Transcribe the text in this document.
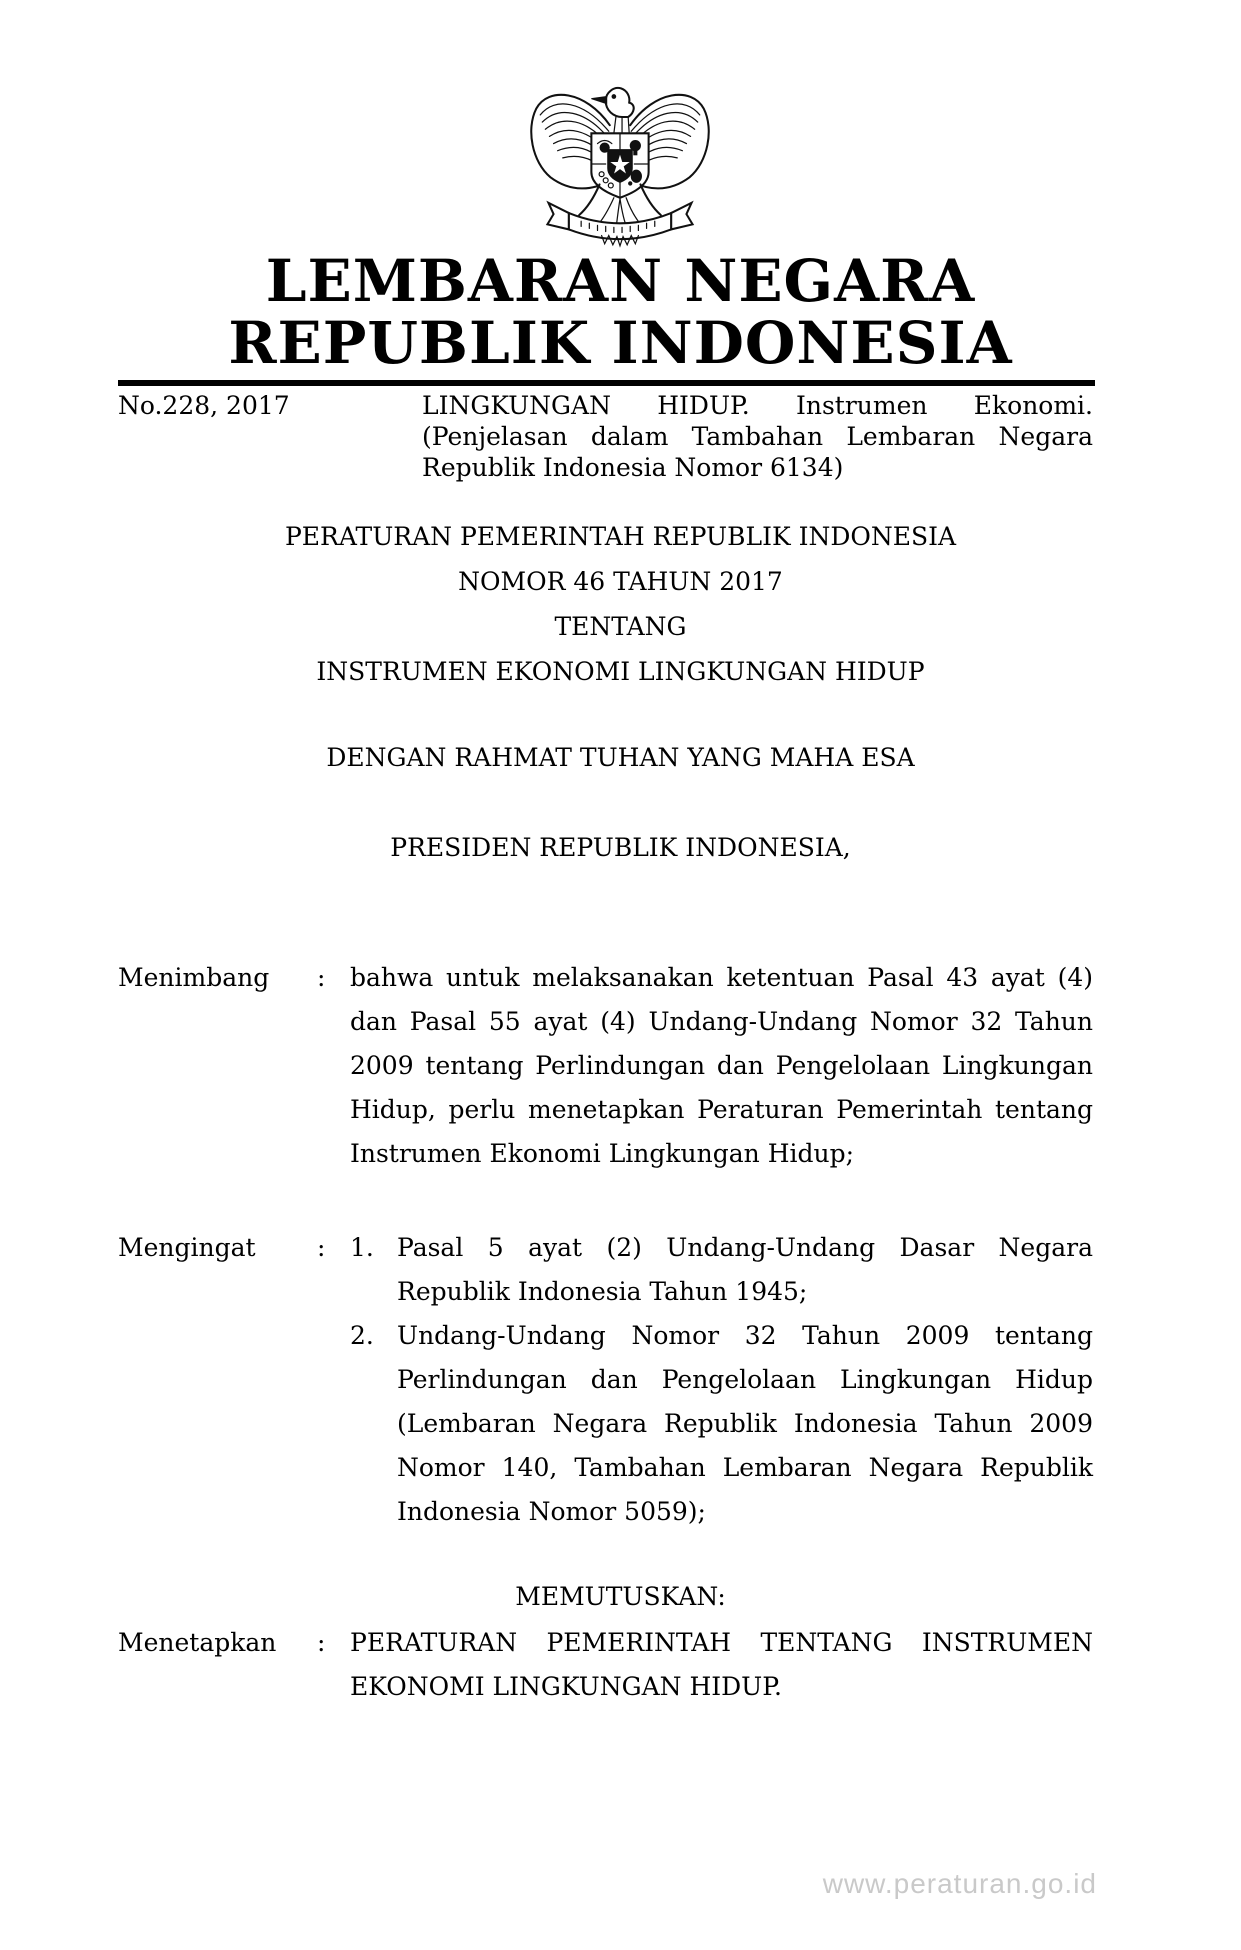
LEMBARAN NEGARA
REPUBLIK INDONESIA
No.228, 2017	LINGKUNGAN HIDUP. Instrumen Ekonomi.
(Penjelasan dalam Tambahan Lembaran Negara
Republik Indonesia Nomor 6134)
PERATURAN PEMERINTAH REPUBLIK INDONESIA
NOMOR 46 TAHUN 2017
TENTANG
INSTRUMEN EKONOMI LINGKUNGAN HIDUP
DENGAN RAHMAT TUHAN YANG MAHA ESA
PRESIDEN REPUBLIK INDONESIA,
Menimbang : bahwa untuk melaksanakan ketentuan Pasal 43 ayat (4)
dan Pasal 55 ayat (4) Undang-Undang Nomor 32 Tahun
2009 tentang Perlindungan dan Pengelolaan Lingkungan
Hidup, perlu menetapkan Peraturan Pemerintah tentang
Instrumen Ekonomi Lingkungan Hidup;
Mengingat : 1. Pasal 5 ayat (2) Undang-Undang Dasar Negara
Republik Indonesia Tahun 1945;
2. Undang-Undang Nomor 32 Tahun 2009 tentang
Perlindungan dan Pengelolaan Lingkungan Hidup
(Lembaran Negara Republik Indonesia Tahun 2009
Nomor 140, Tambahan Lembaran Negara Republik
Indonesia Nomor 5059);
MEMUTUSKAN:
Menetapkan : PERATURAN PEMERINTAH TENTANG INSTRUMEN
EKONOMI LINGKUNGAN HIDUP.
www.peraturan.go.id
